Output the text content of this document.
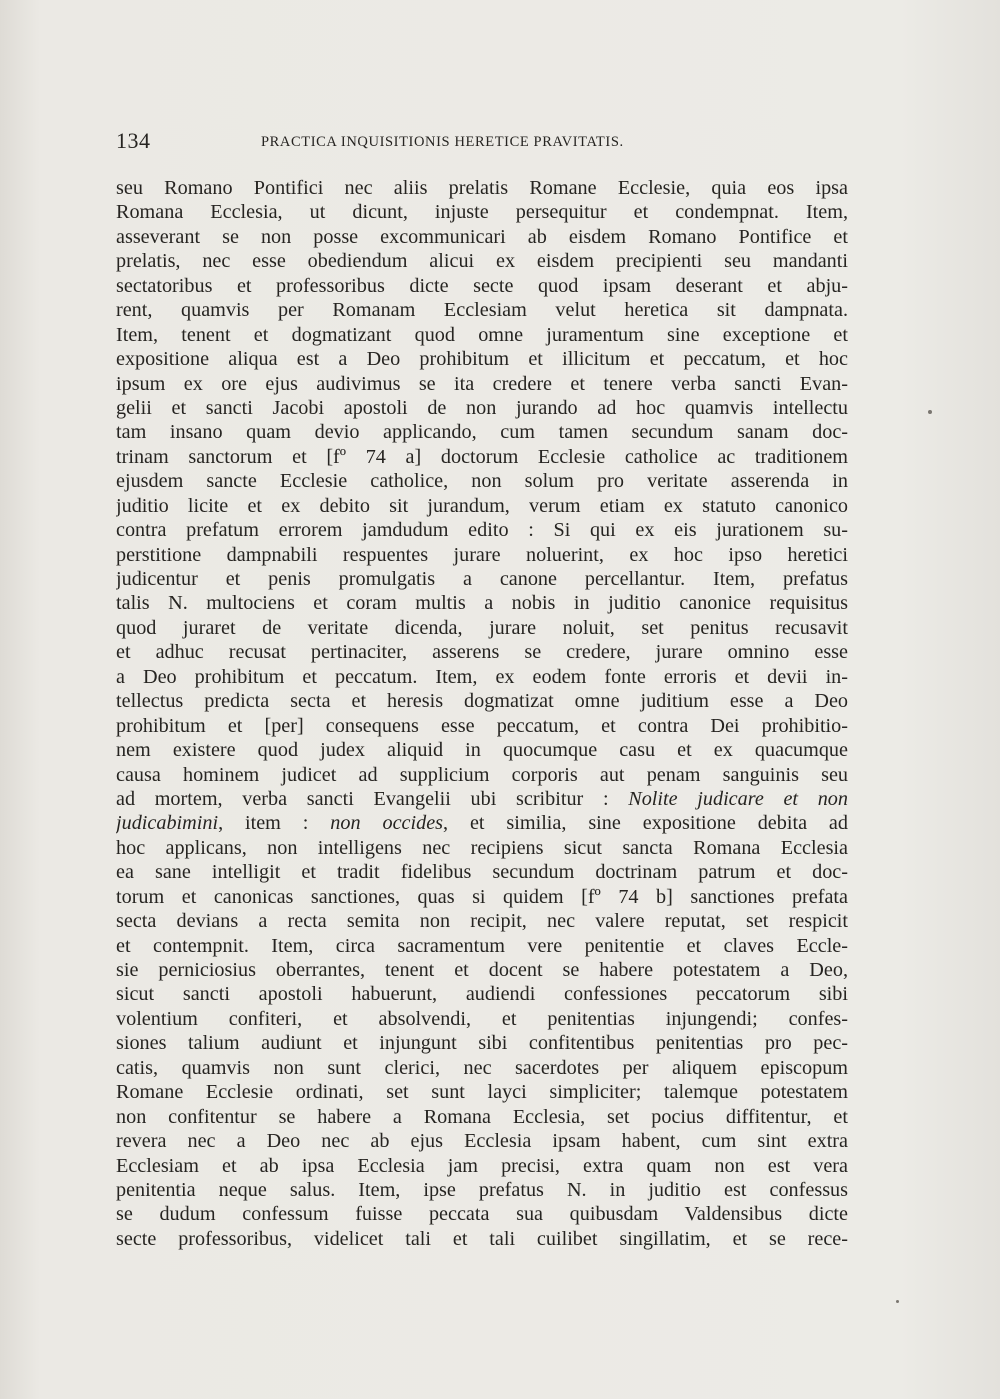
134	PRACTICA INQUISITIONIS HERETICE PRAVITATIS.
seu Romano Pontifici nec aliis prelatis Romane Ecclesie, quia eos ipsa
Romana Ecclesia, ut dicunt, injuste persequitur et condempnat. Item,
asseverant se non posse excommunicari ab eisdem Romano Pontifice et
prelatis, nec esse obediendum alicui ex eisdem precipienti seu mandanti
sectatoribus et professoribus dicte secte quod ipsam deserant et abju-
rent, quamvis per Romanam Ecclesiam velut heretica sit dampnata.
Item, tenent et dogmatizant quod omne juramentum sine exceptione et
expositione aliqua est a Deo prohibitum et illicitum et peccatum, et hoc
ipsum ex ore ejus audivimus se ita credere et tenere verba sancti Evan-
gelii et sancti Jacobi apostoli de non jurando ad hoc quamvis intellectu
tam insano quam devio applicando, cum tamen secundum sanam doc-
trinam sanctorum et [fº 74 a] doctorum Ecclesie catholice ac traditionem
ejusdem sancte Ecclesie catholice, non solum pro veritate asserenda in
juditio licite et ex debito sit jurandum, verum etiam ex statuto canonico
contra prefatum errorem jamdudum edito : Si qui ex eis jurationem su-
perstitione dampnabili respuentes jurare noluerint, ex hoc ipso heretici
judicentur et penis promulgatis a canone percellantur. Item, prefatus
talis N. multociens et coram multis a nobis in juditio canonice requisitus
quod juraret de veritate dicenda, jurare noluit, set penitus recusavit
et adhuc recusat pertinaciter, asserens se credere, jurare omnino esse
a Deo prohibitum et peccatum. Item, ex eodem fonte erroris et devii in-
tellectus predicta secta et heresis dogmatizat omne juditium esse a Deo
prohibitum et [per] consequens esse peccatum, et contra Dei prohibitio-
nem existere quod judex aliquid in quocumque casu et ex quacumque
causa hominem judicet ad supplicium corporis aut penam sanguinis seu
ad mortem, verba sancti Evangelii ubi scribitur : Nolite judicare et non
judicabimini, item : non occides, et similia, sine expositione debita ad
hoc applicans, non intelligens nec recipiens sicut sancta Romana Ecclesia
ea sane intelligit et tradit fidelibus secundum doctrinam patrum et doc-
torum et canonicas sanctiones, quas si quidem [fº 74 b] sanctiones prefata
secta devians a recta semita non recipit, nec valere reputat, set respicit
et contempnit. Item, circa sacramentum vere penitentie et claves Eccle-
sie perniciosius oberrantes, tenent et docent se habere potestatem a Deo,
sicut sancti apostoli habuerunt, audiendi confessiones peccatorum sibi
volentium confiteri, et absolvendi, et penitentias injungendi; confes-
siones talium audiunt et injungunt sibi confitentibus penitentias pro pec-
catis, quamvis non sunt clerici, nec sacerdotes per aliquem episcopum
Romane Ecclesie ordinati, set sunt layci simpliciter; talemque potestatem
non confitentur se habere a Romana Ecclesia, set pocius diffitentur, et
revera nec a Deo nec ab ejus Ecclesia ipsam habent, cum sint extra
Ecclesiam et ab ipsa Ecclesia jam precisi, extra quam non est vera
penitentia neque salus. Item, ipse prefatus N. in juditio est confessus
se dudum confessum fuisse peccata sua quibusdam Valdensibus dicte
secte professoribus, videlicet tali et tali cuilibet singillatim, et se rece-
